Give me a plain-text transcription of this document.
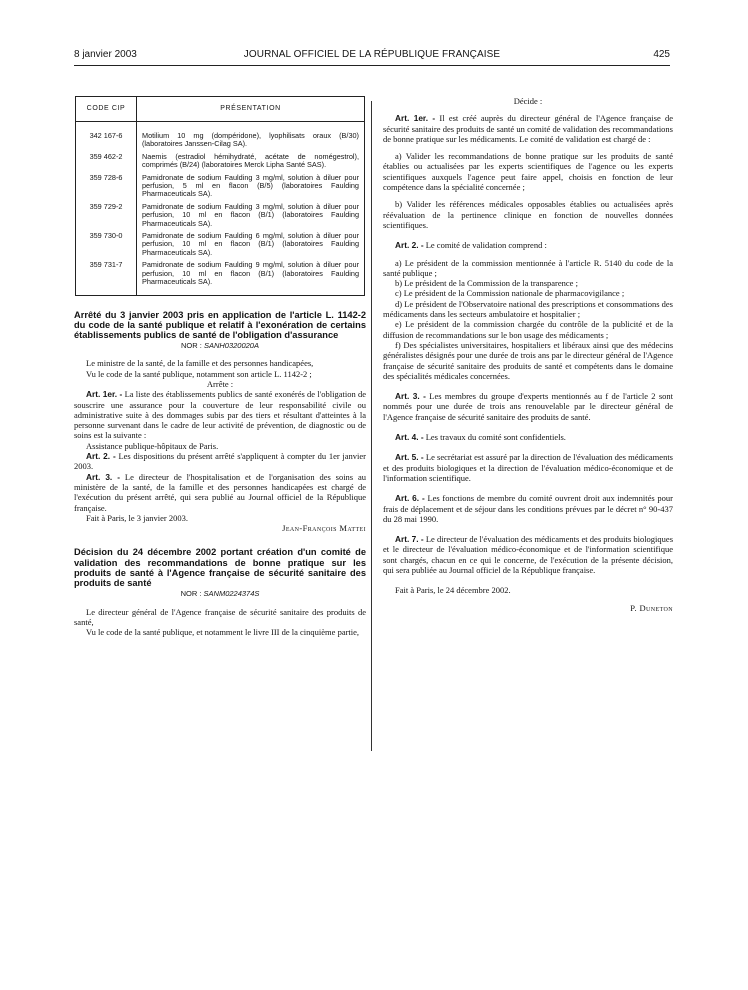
8 janvier 2003	JOURNAL OFFICIEL DE LA RÉPUBLIQUE FRANÇAISE	425
CODE CIP	PRÉSENTATION
342 167-6	Motilium 10 mg (dompéridone), lyophilisats oraux (B/30) (laboratoires Janssen-Cilag SA).
359 462-2	Naemis (estradiol hémihydraté, acétate de nomégestrol), comprimés (B/24) (laboratoires Merck Lipha Santé SAS).
359 728-6	Pamidronate de sodium Faulding 3 mg/ml, solution à diluer pour perfusion, 5 ml en flacon (B/5) (laboratoires Faulding Pharmaceuticals SA).
359 729-2	Pamidronate de sodium Faulding 3 mg/ml, solution à diluer pour perfusion, 10 ml en flacon (B/1) (laboratoires Faulding Pharmaceuticals SA).
359 730-0	Pamidronate de sodium Faulding 6 mg/ml, solution à diluer pour perfusion, 10 ml en flacon (B/1) (laboratoires Faulding Pharmaceuticals SA).
359 731-7	Pamidronate de sodium Faulding 9 mg/ml, solution à diluer pour perfusion, 10 ml en flacon (B/1) (laboratoires Faulding Pharmaceuticals SA).
Arrêté du 3 janvier 2003 pris en application de l'article L. 1142-2 du code de la santé publique et relatif à l'exonération de certains établissements publics de santé de l'obligation d'assurance
NOR : SANH0320020A

Le ministre de la santé, de la famille et des personnes handicapées,

Vu le code de la santé publique, notamment son article L. 1142-2 ;

Arrête :

Art. 1er. - La liste des établissements publics de santé exonérés de l'obligation de souscrire une assurance pour la couverture de leur responsabilité civile ou administrative suite à des dommages subis par des tiers et résultant d'atteintes à la personne survenant dans le cadre de leur activité de prévention, de diagnostic ou de soins est la suivante :

Assistance publique-hôpitaux de Paris.

Art. 2. - Les dispositions du présent arrêté s'appliquent à compter du 1er janvier 2003.

Art. 3. - Le directeur de l'hospitalisation et de l'organisation des soins au ministère de la santé, de la famille et des personnes handicapées est chargé de l'exécution du présent arrêté, qui sera publié au Journal officiel de la République française.

Fait à Paris, le 3 janvier 2003.

Jean-François Mattei

Décision du 24 décembre 2002 portant création d'un comité de validation des recommandations de bonne pratique sur les produits de santé à l'Agence française de sécurité sanitaire des produits de santé
NOR : SANM0224374S

Le directeur général de l'Agence française de sécurité sanitaire des produits de santé,

Vu le code de la santé publique, et notamment le livre III de la cinquième partie,

Décide :

Art. 1er. - Il est créé auprès du directeur général de l'Agence française de sécurité sanitaire des produits de santé un comité de validation des recommandations de bonne pratique sur les médicaments. Le comité de validation est chargé de :

a) Valider les recommandations de bonne pratique sur les produits de santé établies ou actualisées par les experts scientifiques de l'agence ou les experts scientifiques auxquels l'agence peut faire appel, choisis en fonction de leur compétence dans la spécialité concernée ;

b) Valider les références médicales opposables établies ou actualisées après réévaluation de la pertinence clinique en fonction de nouvelles données scientifiques.

Art. 2. - Le comité de validation comprend :

a) Le président de la commission mentionnée à l'article R. 5140 du code de la santé publique ;

b) Le président de la Commission de la transparence ;

c) Le président de la Commission nationale de pharmacovigilance ;

d) Le président de l'Observatoire national des prescriptions et consommations des médicaments dans les secteurs ambulatoire et hospitalier ;

e) Le président de la commission chargée du contrôle de la publicité et de la diffusion de recommandations sur le bon usage des médicaments ;

f) Des spécialistes universitaires, hospitaliers et libéraux ainsi que des médecins généralistes désignés pour une durée de trois ans par le directeur général de l'Agence française de sécurité sanitaire des produits de santé et compétents dans le domaine des spécialités médicales concernées.

Art. 3. - Les membres du groupe d'experts mentionnés au f de l'article 2 sont nommés pour une durée de trois ans renouvelable par le directeur général de l'Agence française de sécurité sanitaire des produits de santé.

Art. 4. - Les travaux du comité sont confidentiels.

Art. 5. - Le secrétariat est assuré par la direction de l'évaluation des médicaments et des produits biologiques et la direction de l'évaluation médico-économique et de l'information scientifique.

Art. 6. - Les fonctions de membre du comité ouvrent droit aux indemnités pour frais de déplacement et de séjour dans les conditions prévues par le décret n° 90-437 du 28 mai 1990.

Art. 7. - Le directeur de l'évaluation des médicaments et des produits biologiques et le directeur de l'évaluation médico-économique et de l'information scientifique sont chargés, chacun en ce qui le concerne, de l'exécution de la présente décision, qui sera publiée au Journal officiel de la République française.

Fait à Paris, le 24 décembre 2002.

P. Duneton
